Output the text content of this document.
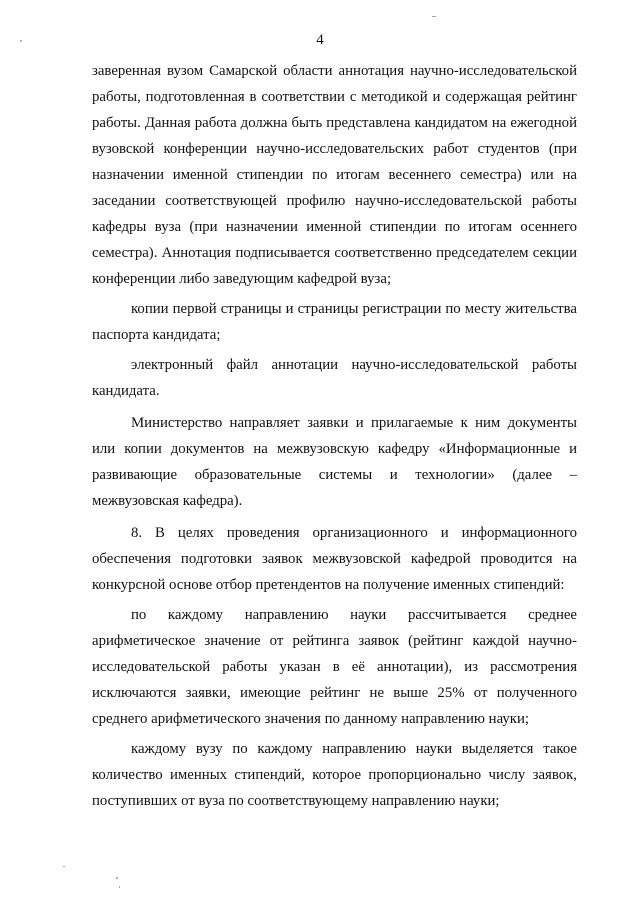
4

заверенная вузом Самарской области аннотация научно-исследовательской работы, подготовленная в соответствии с методикой и содержащая рейтинг работы. Данная работа должна быть представлена кандидатом на ежегодной вузовской конференции научно-исследовательских работ студентов (при назначении именной стипендии по итогам весеннего семестра) или на заседании соответствующей профилю научно-исследовательской работы кафедры вуза (при назначении именной стипендии по итогам осеннего семестра). Аннотация подписывается соответственно председателем секции конференции либо заведующим кафедрой вуза;

копии первой страницы и страницы регистрации по месту жительства паспорта кандидата;

электронный файл аннотации научно-исследовательской работы кандидата.

Министерство направляет заявки и прилагаемые к ним документы или копии документов на межвузовскую кафедру «Информационные и развивающие образовательные системы и технологии» (далее – межвузовская кафедра).

8. В целях проведения организационного и информационного обеспечения подготовки заявок межвузовской кафедрой проводится на конкурсной основе отбор претендентов на получение именных стипендий:

по каждому направлению науки рассчитывается среднее арифметическое значение от рейтинга заявок (рейтинг каждой научно-исследовательской работы указан в её аннотации), из рассмотрения исключаются заявки, имеющие рейтинг не выше 25% от полученного среднего арифметического значения по данному направлению науки;

каждому вузу по каждому направлению науки выделяется такое количество именных стипендий, которое пропорционально числу заявок, поступивших от вуза по соответствующему направлению науки;
